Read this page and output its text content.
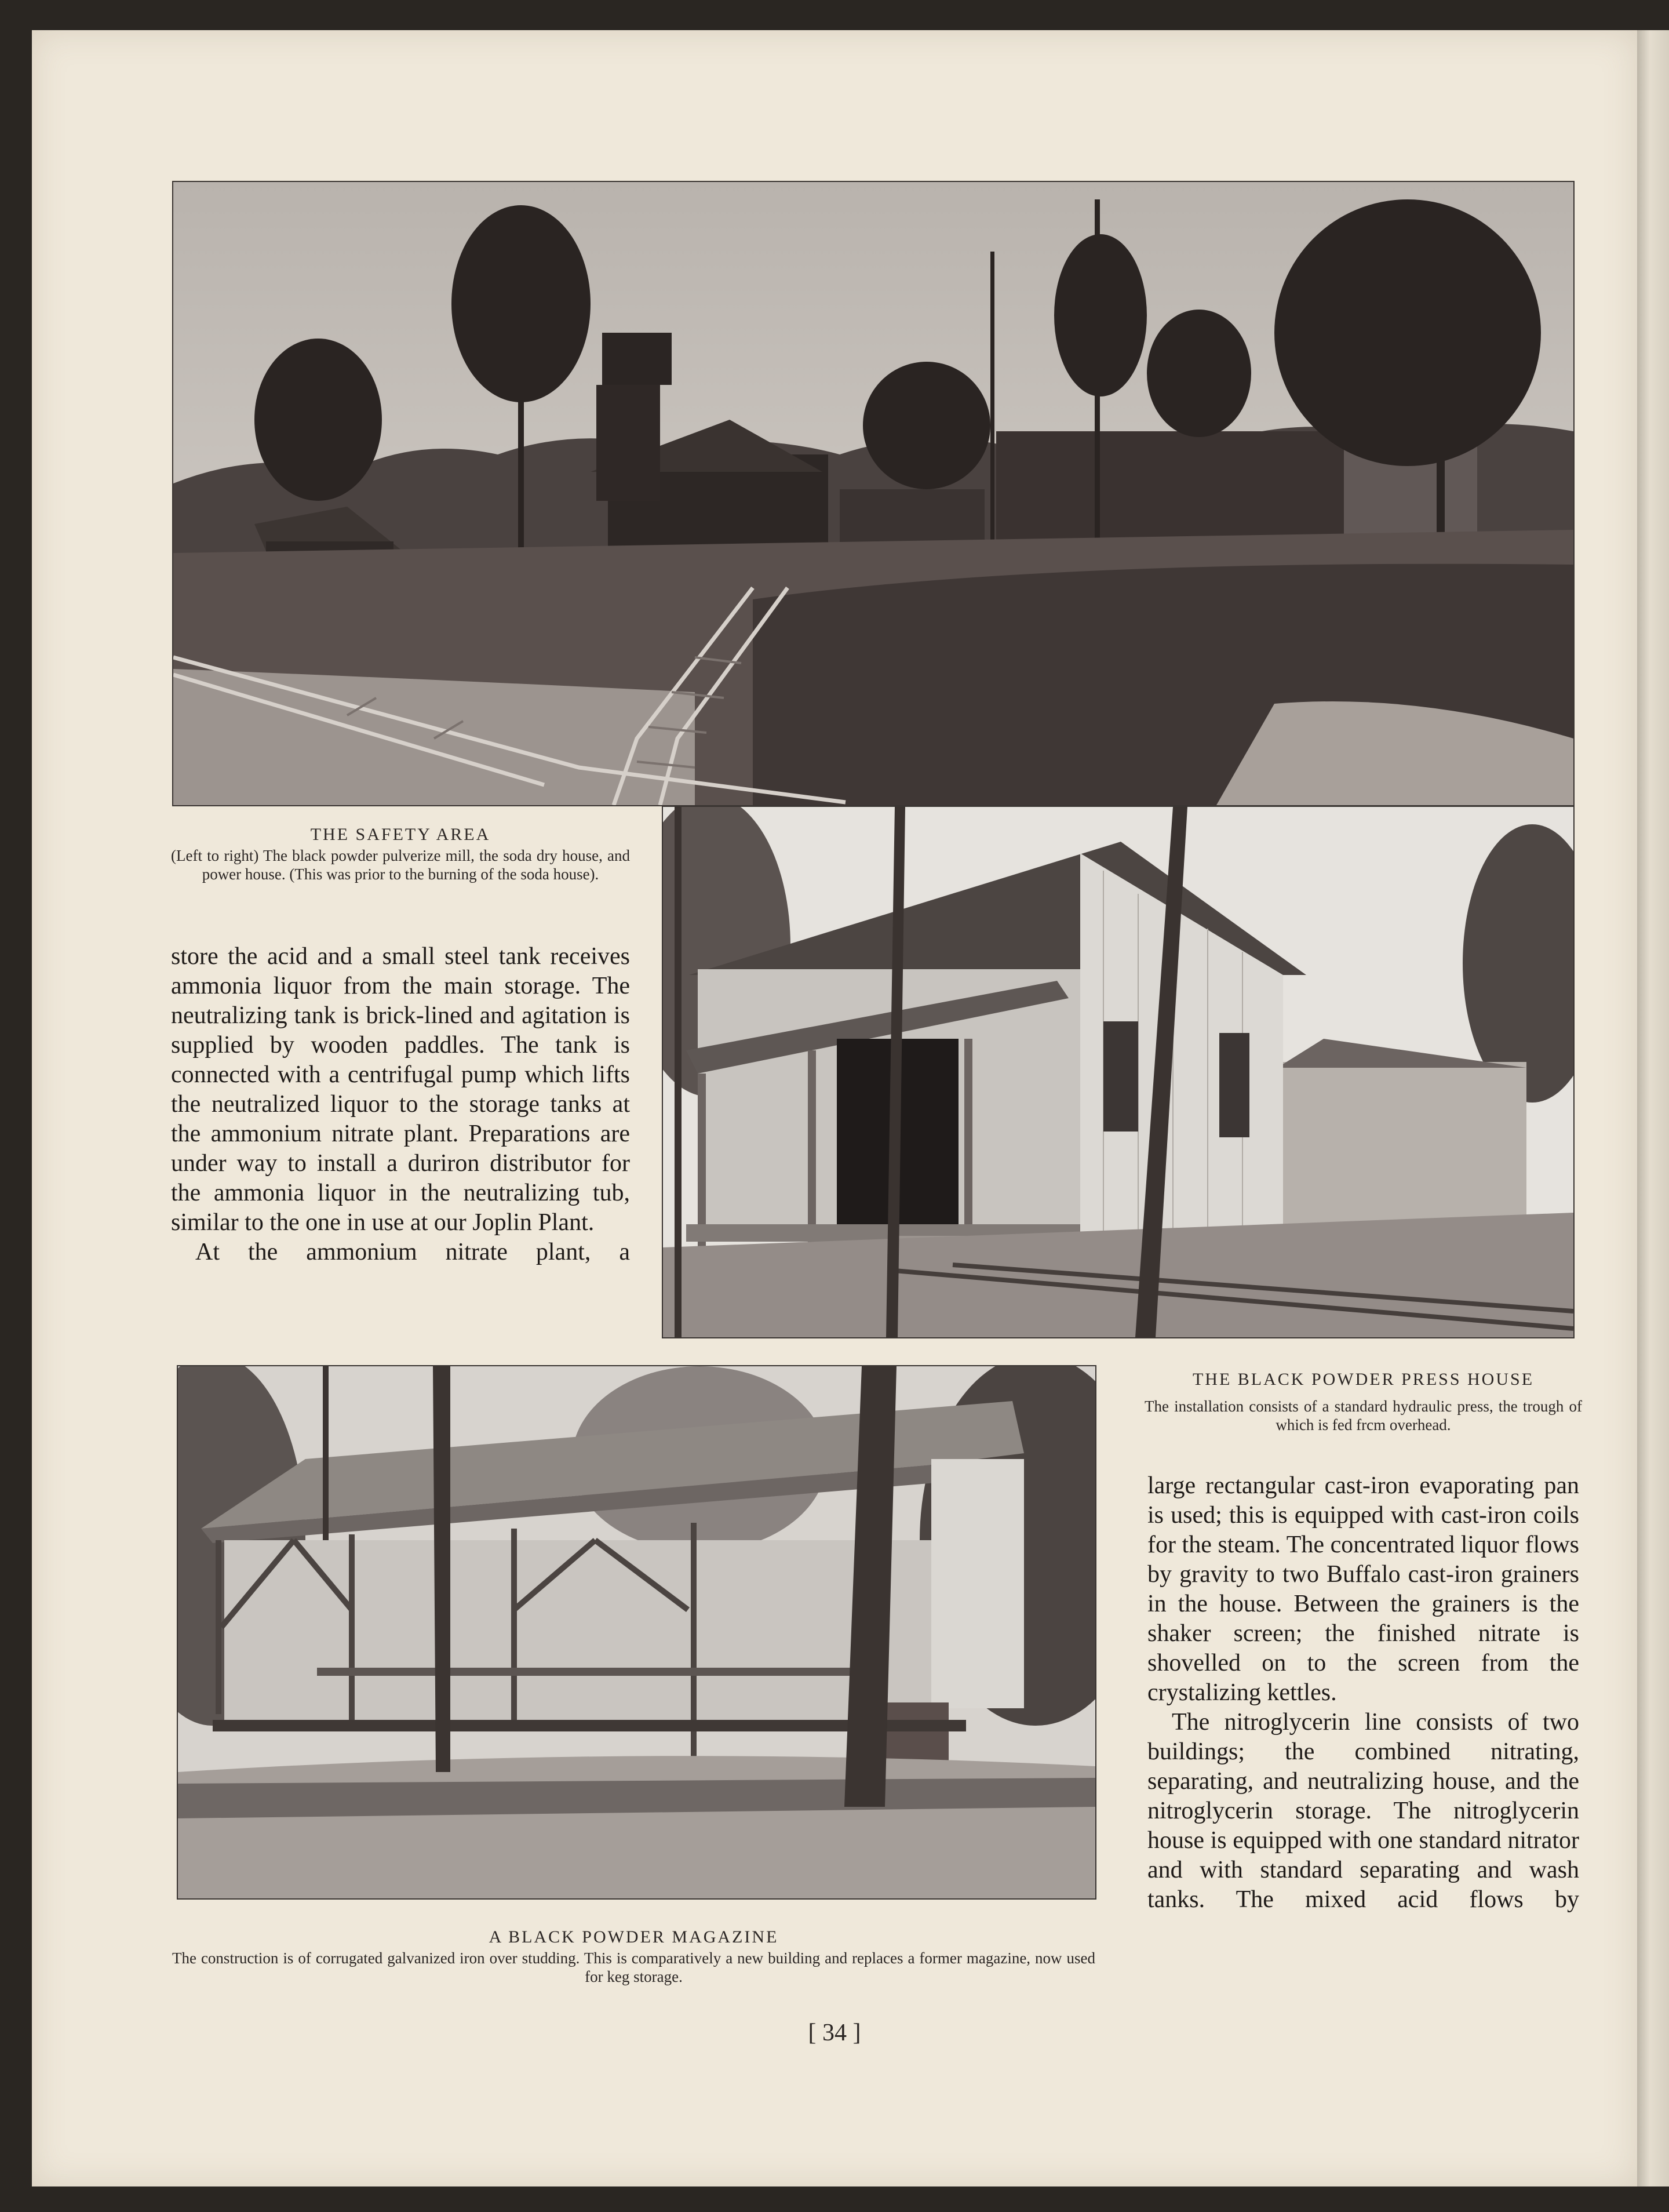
THE SAFETY AREA
(Left to right) The black powder pulverize mill, the soda dry house, and power house. (This was prior to the burning of the soda house).
THE BLACK POWDER PRESS HOUSE
The installation consists of a standard hydraulic press, the trough of which is fed frcm overhead.

store the acid and a small steel tank receives ammonia liquor from the main storage. The neutralizing tank is brick-lined and agitation is supplied by wooden paddles. The tank is connected with a centrifugal pump which lifts the neutralized liquor to the storage tanks at the ammonium nitrate plant. Preparations are under way to install a duriron distributor for the ammonia liquor in the neutralizing tub, similar to the one in use at our Joplin Plant.

At the ammonium nitrate plant, a

A BLACK POWDER MAGAZINE
The construction is of corrugated galvanized iron over studding. This is comparatively a new building and replaces a former magazine, now used for keg storage.

large rectangular cast-iron evaporating pan is used; this is equipped with cast-iron coils for the steam. The concentrated liquor flows by gravity to two Buffalo cast-iron grainers in the house. Between the grainers is the shaker screen; the finished nitrate is shovelled on to the screen from the crystalizing kettles.

The nitroglycerin line consists of two buildings; the combined nitrating, separating, and neutralizing house, and the nitroglycerin storage. The nitroglycerin house is equipped with one standard nitrator and with standard separating and wash tanks. The mixed acid flows by

[ 34 ]
